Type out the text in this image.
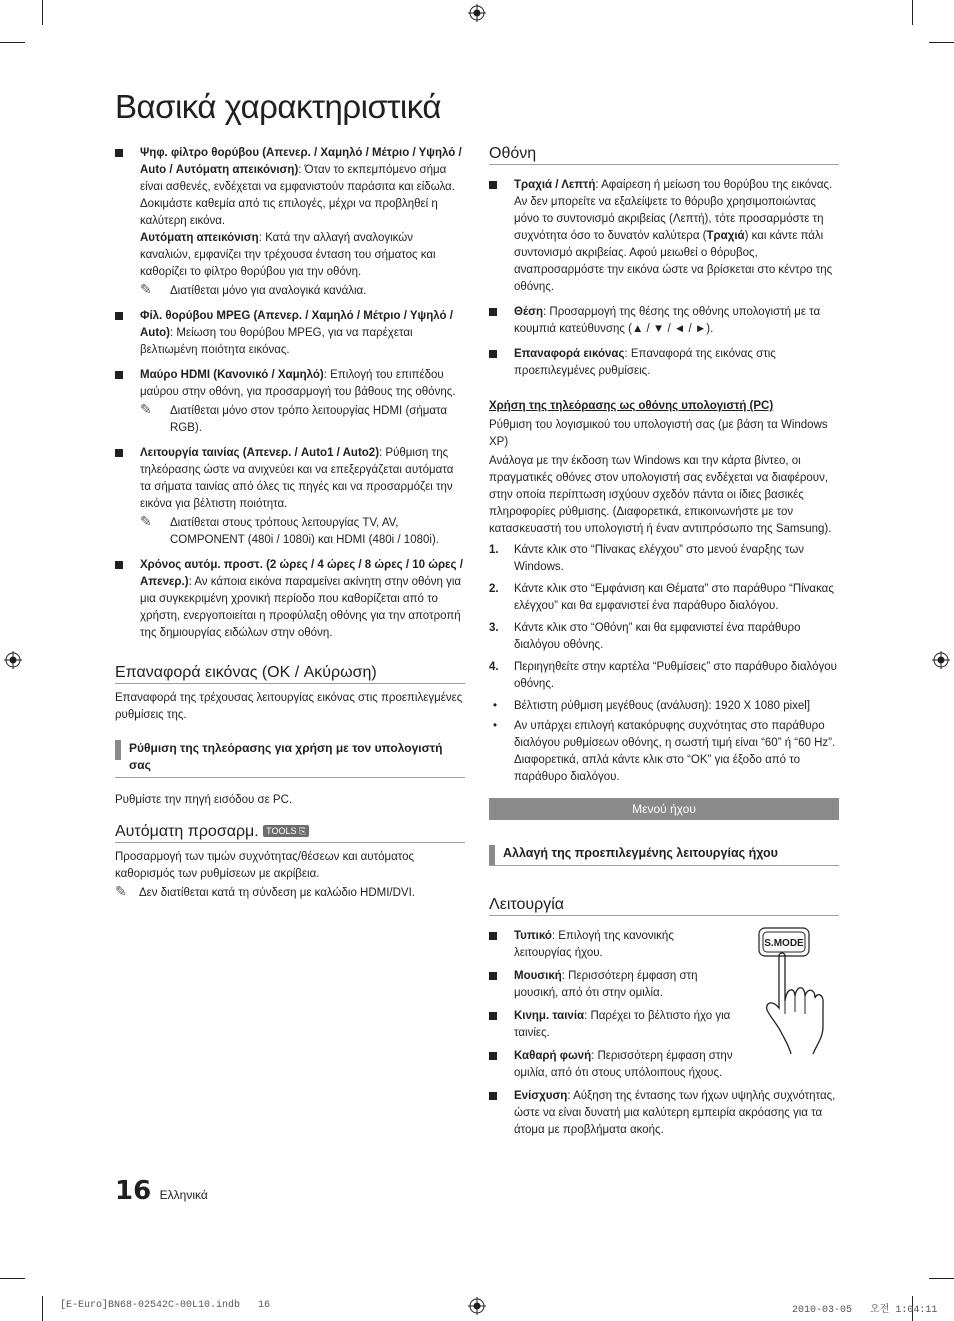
Βασικά χαρακτηριστικά

Ψηφ. φίλτρο θορύβου (Απενερ. / Χαμηλό / Μέτριο / Υψηλό / Auto / Αυτόματη απεικόνιση): Όταν το εκπεμπόμενο σήμα είναι ασθενές, ενδέχεται να εμφανιστούν παράσιτα και είδωλα. Δοκιμάστε καθεμία από τις επιλογές, μέχρι να προβληθεί η καλύτερη εικόνα.

Αυτόματη απεικόνιση: Κατά την αλλαγή αναλογικών καναλιών, εμφανίζει την τρέχουσα ένταση του σήματος και καθορίζει το φίλτρο θορύβου για την οθόνη.

✎ Διατίθεται μόνο για αναλογικά κανάλια.

Φίλ. θορύβου MPEG (Απενερ. / Χαμηλό / Μέτριο / Υψηλό / Auto): Μείωση του θορύβου MPEG, για να παρέχεται βελτιωμένη ποιότητα εικόνας.

Μαύρο HDMI (Κανονικό / Χαμηλό): Επιλογή του επιπέδου μαύρου στην οθόνη, για προσαρμογή του βάθους της οθόνης.

✎ Διατίθεται μόνο στον τρόπο λειτουργίας HDMI (σήματα RGB).

Λειτουργία ταινίας (Απενερ. / Auto1 / Auto2): Ρύθμιση της τηλεόρασης ώστε να ανιχνεύει και να επεξεργάζεται αυτόματα τα σήματα ταινίας από όλες τις πηγές και να προσαρμόζει την εικόνα για βέλτιστη ποιότητα.

✎ Διατίθεται στους τρόπους λειτουργίας TV, AV, COMPONENT (480i / 1080i) και HDMI (480i / 1080i).

Χρόνος αυτόμ. προστ. (2 ώρες / 4 ώρες / 8 ώρες / 10 ώρες / Απενερ.): Αν κάποια εικόνα παραμείνει ακίνητη στην οθόνη για μια συγκεκριμένη χρονική περίοδο που καθορίζεται από το χρήστη, ενεργοποιείται η προφύλαξη οθόνης για την αποτροπή της δημιουργίας ειδώλων στην οθόνη.

Επαναφορά εικόνας (OK / Ακύρωση)

Επαναφορά της τρέχουσας λειτουργίας εικόνας στις προεπιλεγμένες ρυθμίσεις της.

Ρύθμιση της τηλεόρασης για χρήση με τον υπολογιστή σας

Ρυθμίστε την πηγή εισόδου σε PC.

Αυτόματη προσαρμ. TOOLS ⎘

Προσαρμογή των τιμών συχνότητας/θέσεων και αυτόματος καθορισμός των ρυθμίσεων με ακρίβεια.

✎ Δεν διατίθεται κατά τη σύνδεση με καλώδιο HDMI/DVI.
Οθόνη

Τραχιά / Λεπτή: Αφαίρεση ή μείωση του θορύβου της εικόνας. Αν δεν μπορείτε να εξαλείψετε το θόρυβο χρησιμοποιώντας μόνο το συντονισμό ακριβείας (Λεπτή), τότε προσαρμόστε τη συχνότητα όσο το δυνατόν καλύτερα (Τραχιά) και κάντε πάλι συντονισμό ακριβείας. Αφού μειωθεί ο θόρυβος, αναπροσαρμόστε την εικόνα ώστε να βρίσκεται στο κέντρο της οθόνης.

Θέση: Προσαρμογή της θέσης της οθόνης υπολογιστή με τα κουμπιά κατεύθυνσης (▲ / ▼ / ◄ / ►).

Επαναφορά εικόνας: Επαναφορά της εικόνας στις προεπιλεγμένες ρυθμίσεις.

Χρήση της τηλεόρασης ως οθόνης υπολογιστή (PC)

Ρύθμιση του λογισμικού του υπολογιστή σας (με βάση τα Windows XP)

Ανάλογα με την έκδοση των Windows και την κάρτα βίντεο, οι πραγματικές οθόνες στον υπολογιστή σας ενδέχεται να διαφέρουν, στην οποία περίπτωση ισχύουν σχεδόν πάντα οι ίδιες βασικές πληροφορίες ρύθμισης. (Διαφορετικά, επικοινωνήστε με τον κατασκευαστή του υπολογιστή ή έναν αντιπρόσωπο της Samsung).

1. Κάντε κλικ στο “Πίνακας ελέγχου” στο μενού έναρξης των Windows.
2. Κάντε κλικ στο “Εμφάνιση και Θέματα” στο παράθυρο “Πίνακας ελέγχου” και θα εμφανιστεί ένα παράθυρο διαλόγου.
3. Κάντε κλικ στο “Οθόνη” και θα εμφανιστεί ένα παράθυρο διαλόγου οθόνης.
4. Περιηγηθείτε στην καρτέλα “Ρυθμίσεις” στο παράθυρο διαλόγου οθόνης.
• Βέλτιστη ρύθμιση μεγέθους (ανάλυση): 1920 X 1080 pixel]
• Αν υπάρχει επιλογή κατακόρυφης συχνότητας στο παράθυρο διαλόγου ρυθμίσεων οθόνης, η σωστή τιμή είναι “60” ή “60 Hz”. Διαφορετικά, απλά κάντε κλικ στο “OK” για έξοδο από το παράθυρο διαλόγου.
Μενού ήχου
Αλλαγή της προεπιλεγμένης λειτουργίας ήχου
Λειτουργία

Τυπικό: Επιλογή της κανονικής λειτουργίας ήχου.

Μουσική: Περισσότερη έμφαση στη μουσική, από ότι στην ομιλία.

Κινημ. ταινία: Παρέχει το βέλτιστο ήχο για ταινίες.

Καθαρή φωνή: Περισσότερη έμφαση στην ομιλία, από ότι στους υπόλοιπους ήχους.

Ενίσχυση: Αύξηση της έντασης των ήχων υψηλής συχνότητας, ώστε να είναι δυνατή μια καλύτερη εμπειρία ακρόασης για τα άτομα με προβλήματα ακοής.

S.MODE
16 Ελληνικά
[E-Euro]BN68-02542C-00L10.indb 16	2010-03-05 오전 1:04:11
